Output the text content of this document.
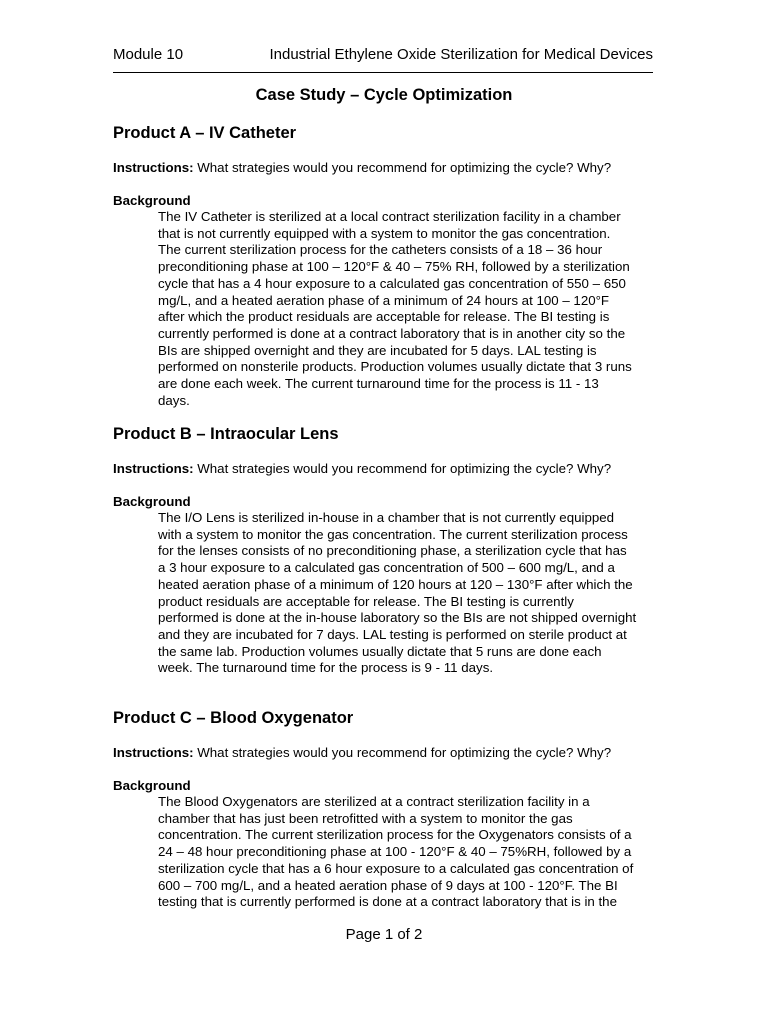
Module 10	Industrial Ethylene Oxide Sterilization for Medical Devices
Case Study – Cycle Optimization
Product A – IV Catheter
Instructions: What strategies would you recommend for optimizing the cycle? Why?
Background
The IV Catheter is sterilized at a local contract sterilization facility in a chamber
that is not currently equipped with a system to monitor the gas concentration.
The current sterilization process for the catheters consists of a 18 – 36 hour
preconditioning phase at 100 – 120°F & 40 – 75% RH, followed by a sterilization
cycle that has a 4 hour exposure to a calculated gas concentration of 550 – 650
mg/L, and a heated aeration phase of a minimum of 24 hours at 100 – 120°F
after which the product residuals are acceptable for release. The BI testing is
currently performed is done at a contract laboratory that is in another city so the
BIs are shipped overnight and they are incubated for 5 days. LAL testing is
performed on nonsterile products. Production volumes usually dictate that 3 runs
are done each week. The current turnaround time for the process is 11 - 13
days.
Product B – Intraocular Lens
Instructions: What strategies would you recommend for optimizing the cycle? Why?
Background
The I/O Lens is sterilized in-house in a chamber that is not currently equipped
with a system to monitor the gas concentration. The current sterilization process
for the lenses consists of no preconditioning phase, a sterilization cycle that has
a 3 hour exposure to a calculated gas concentration of 500 – 600 mg/L, and a
heated aeration phase of a minimum of 120 hours at 120 – 130°F after which the
product residuals are acceptable for release. The BI testing is currently
performed is done at the in-house laboratory so the BIs are not shipped overnight
and they are incubated for 7 days. LAL testing is performed on sterile product at
the same lab. Production volumes usually dictate that 5 runs are done each
week. The turnaround time for the process is 9 - 11 days.
Product C – Blood Oxygenator
Instructions: What strategies would you recommend for optimizing the cycle? Why?
Background
The Blood Oxygenators are sterilized at a contract sterilization facility in a
chamber that has just been retrofitted with a system to monitor the gas
concentration. The current sterilization process for the Oxygenators consists of a
24 – 48 hour preconditioning phase at 100 - 120°F & 40 – 75%RH, followed by a
sterilization cycle that has a 6 hour exposure to a calculated gas concentration of
600 – 700 mg/L, and a heated aeration phase of 9 days at 100 - 120°F. The BI
testing that is currently performed is done at a contract laboratory that is in the
Page 1 of 2
